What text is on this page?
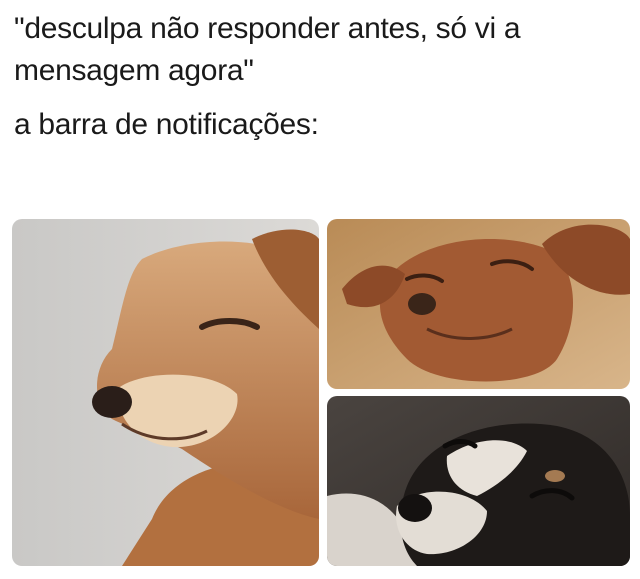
"desculpa não responder antes, só vi a mensagem agora"

a barra de notificações:
